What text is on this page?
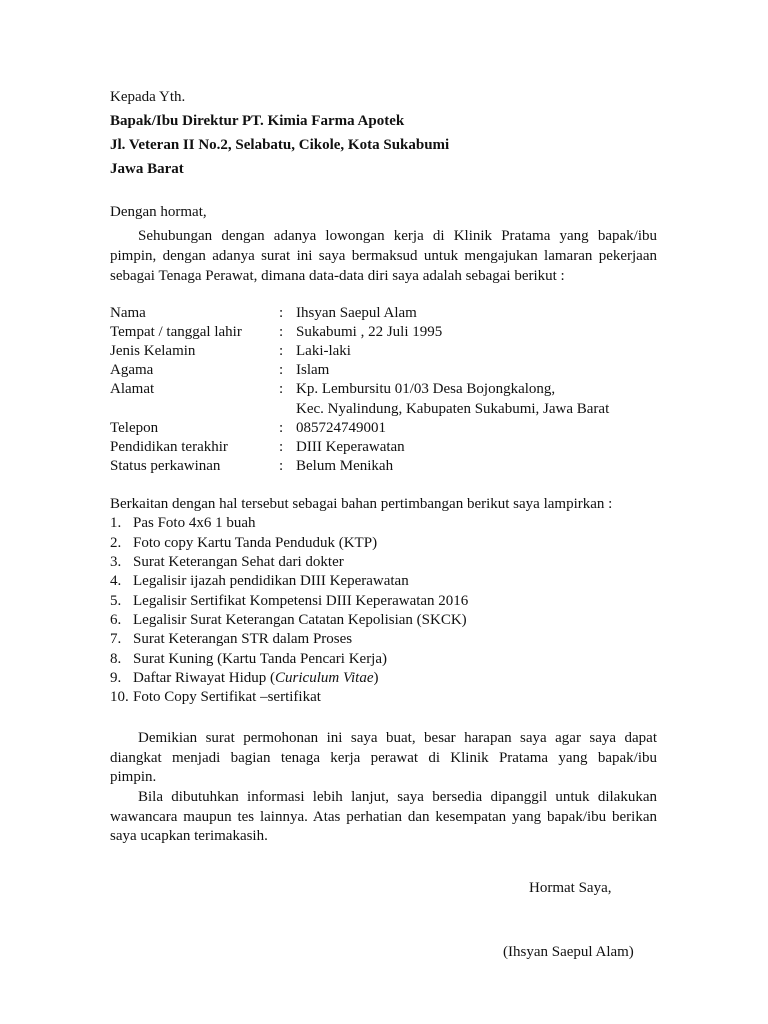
Kepada Yth.
Bapak/Ibu Direktur PT. Kimia Farma Apotek
Jl. Veteran II No.2, Selabatu, Cikole, Kota Sukabumi
Jawa Barat
Dengan hormat,
Sehubungan dengan adanya lowongan kerja di Klinik Pratama yang bapak/ibu
pimpin, dengan adanya surat ini saya bermaksud untuk mengajukan lamaran pekerjaan
sebagai Tenaga Perawat, dimana data-data diri saya adalah sebagai berikut :
Nama	: Ihsyan Saepul Alam
Tempat / tanggal lahir : Sukabumi , 22 Juli 1995
Jenis Kelamin	: Laki-laki
Agama	: Islam
Alamat	: Kp. Lembursitu 01/03 Desa Bojongkalong,
Kec. Nyalindung, Kabupaten Sukabumi, Jawa Barat
Telepon	: 085724749001
Pendidikan terakhir	: DIII Keperawatan
Status perkawinan	: Belum Menikah
Berkaitan dengan hal tersebut sebagai bahan pertimbangan berikut saya lampirkan :
1. Pas Foto 4x6 1 buah
2. Foto copy Kartu Tanda Penduduk (KTP)
3. Surat Keterangan Sehat dari dokter
4. Legalisir ijazah pendidikan DIII Keperawatan
5. Legalisir Sertifikat Kompetensi DIII Keperawatan 2016
6. Legalisir Surat Keterangan Catatan Kepolisian (SKCK)
7. Surat Keterangan STR dalam Proses
8. Surat Kuning (Kartu Tanda Pencari Kerja)
9. Daftar Riwayat Hidup (Curiculum Vitae)
10. Foto Copy Sertifikat –sertifikat
Demikian surat permohonan ini saya buat, besar harapan saya agar saya dapat
diangkat menjadi bagian tenaga kerja perawat di Klinik Pratama yang bapak/ibu
pimpin.
Bila dibutuhkan informasi lebih lanjut, saya bersedia dipanggil untuk dilakukan
wawancara maupun tes lainnya. Atas perhatian dan kesempatan yang bapak/ibu berikan
saya ucapkan terimakasih.
Hormat Saya,
(Ihsyan Saepul Alam)
